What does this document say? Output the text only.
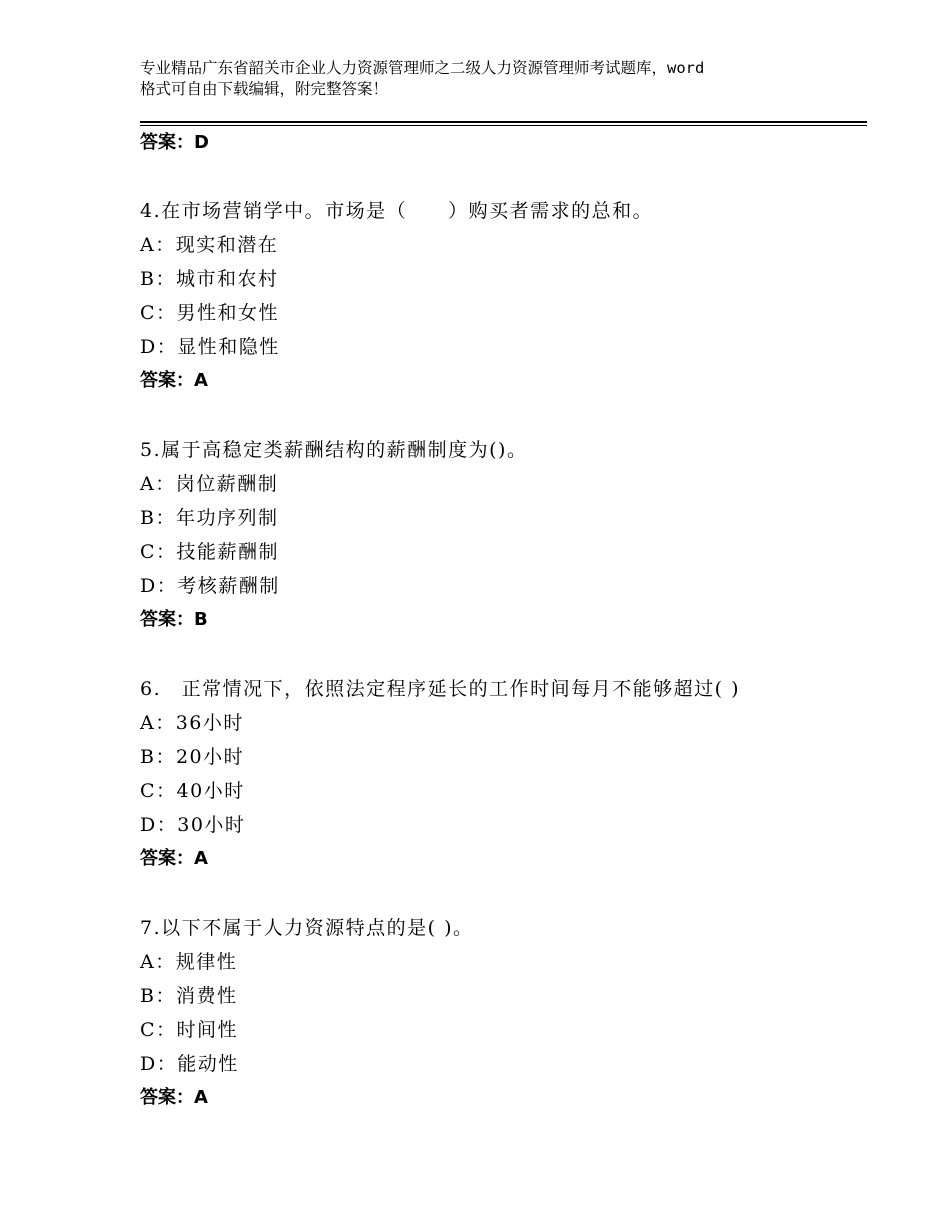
专业精品广东省韶关市企业人力资源管理师之二级人力资源管理师考试题库，word
格式可自由下载编辑，附完整答案！
答案：D
4.在市场营销学中。市场是（　　）购买者需求的总和。
A：现实和潜在
B：城市和农村
C：男性和女性
D：显性和隐性
答案：A
5.属于高稳定类薪酬结构的薪酬制度为()。
A：岗位薪酬制
B：年功序列制
C：技能薪酬制
D：考核薪酬制
答案：B
6.　正常情况下，依照法定程序延长的工作时间每月不能够超过( )
A：36小时
B：20小时
C：40小时
D：30小时
答案：A
7.以下不属于人力资源特点的是( )。
A：规律性
B：消费性
C：时间性
D：能动性
答案：A
